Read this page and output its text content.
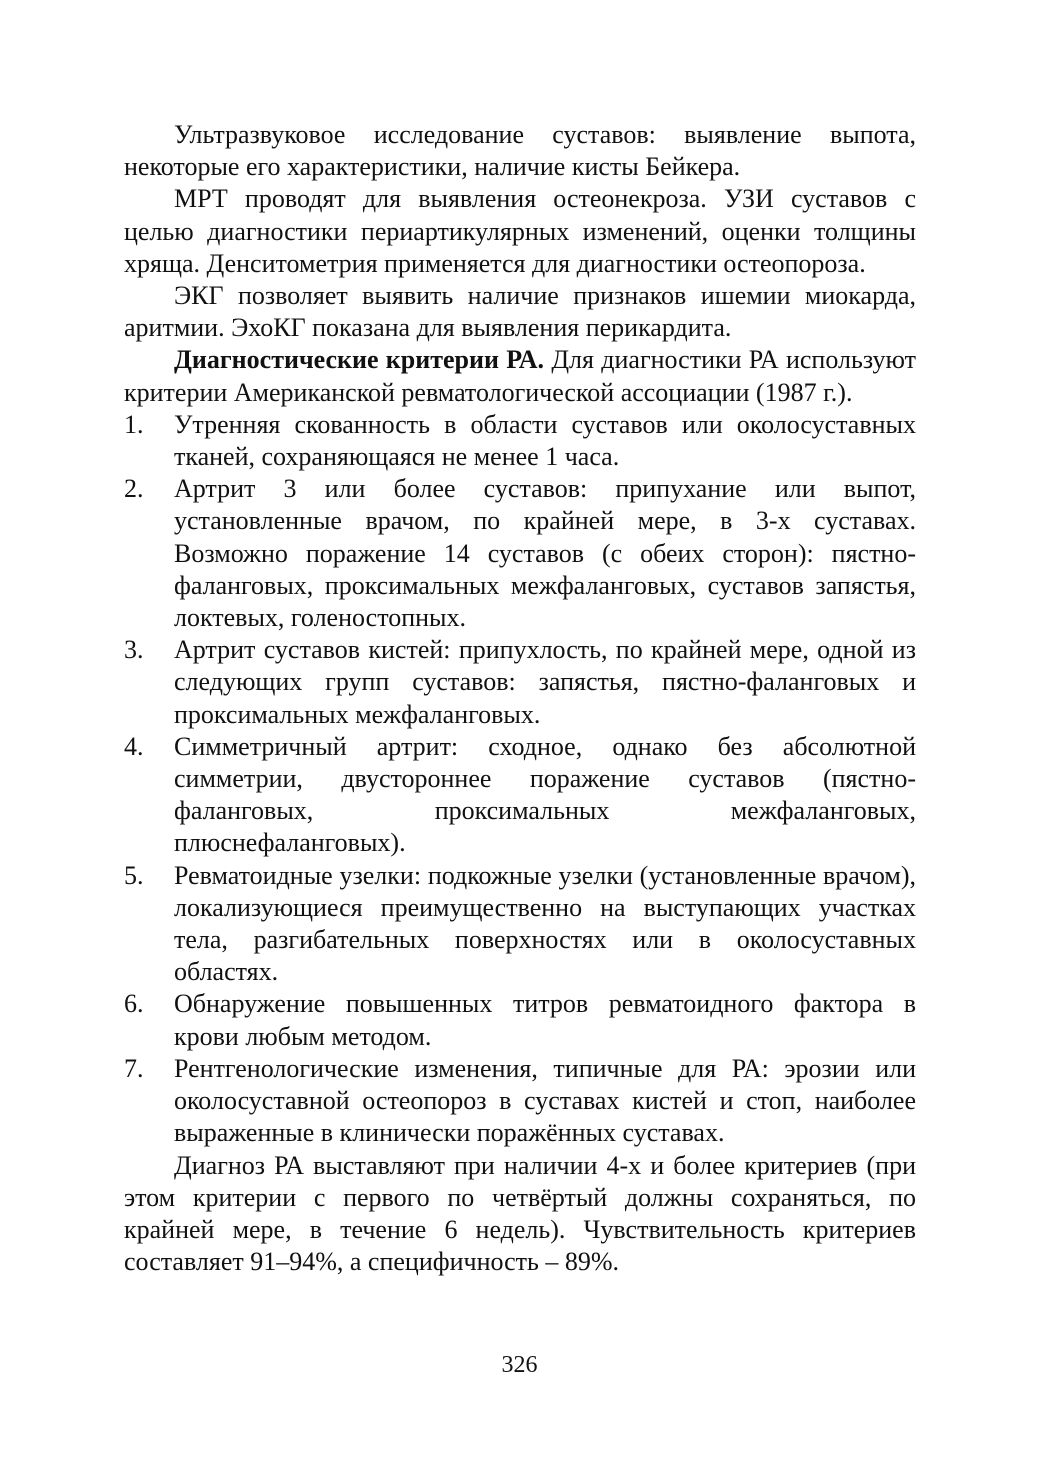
Ультразвуковое исследование суставов: выявление выпота, некоторые его характеристики, наличие кисты Бейкера.

МРТ проводят для выявления остеонекроза. УЗИ суставов с целью диагностики периартикулярных изменений, оценки толщины хряща. Денситометрия применяется для диагностики остеопороза.

ЭКГ позволяет выявить наличие признаков ишемии миокарда, аритмии. ЭхоКГ показана для выявления перикардита.

Диагностические критерии РА. Для диагностики РА используют критерии Американской ревматологической ассоциации (1987 г.).

1. Утренняя скованность в области суставов или околосуставных тканей, сохраняющаяся не менее 1 часа.
2. Артрит 3 или более суставов: припухание или выпот, установленные врачом, по крайней мере, в 3-х суставах. Возможно поражение 14 суставов (с обеих сторон): пястно-фаланговых, проксимальных межфаланговых, суставов запястья, локтевых, голеностопных.
3. Артрит суставов кистей: припухлость, по крайней мере, одной из следующих групп суставов: запястья, пястно-фаланговых и проксимальных межфаланговых.
4. Симметричный артрит: сходное, однако без абсолютной симметрии, двустороннее поражение суставов (пястно-фаланговых, проксимальных межфаланговых, плюснефаланговых).
5. Ревматоидные узелки: подкожные узелки (установленные врачом), локализующиеся преимущественно на выступающих участках тела, разгибательных поверхностях или в околосуставных областях.
6. Обнаружение повышенных титров ревматоидного фактора в крови любым методом.
7. Рентгенологические изменения, типичные для РА: эрозии или околосуставной остеопороз в суставах кистей и стоп, наиболее выраженные в клинически поражённых суставах.

Диагноз РА выставляют при наличии 4-х и более критериев (при этом критерии с первого по четвёртый должны сохраняться, по крайней мере, в течение 6 недель). Чувствительность критериев составляет 91–94%, а специфичность – 89%.

326
